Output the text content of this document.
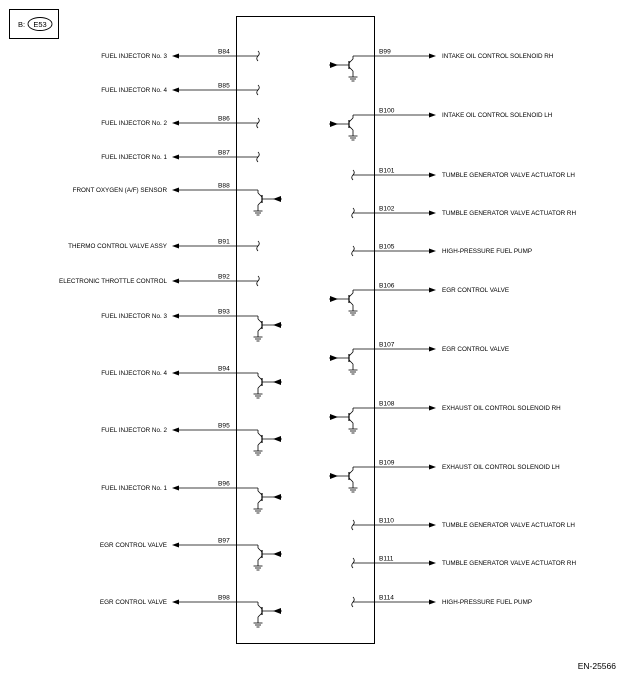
B: E53
FUEL INJECTOR No. 3
B84
FUEL INJECTOR No. 4
B85
FUEL INJECTOR No. 2
B86
FUEL INJECTOR No. 1
B87
FRONT OXYGEN (A/F) SENSOR
B88
THERMO CONTROL VALVE ASSY
B91
ELECTRONIC THROTTLE CONTROL
B92
FUEL INJECTOR No. 3
B93
FUEL INJECTOR No. 4
B94
FUEL INJECTOR No. 2
B95
FUEL INJECTOR No. 1
B96
EGR CONTROL VALVE
B97
EGR CONTROL VALVE
B98
INTAKE OIL CONTROL SOLENOID RH
B99
INTAKE OIL CONTROL SOLENOID LH
B100
TUMBLE GENERATOR VALVE ACTUATOR LH
B101
TUMBLE GENERATOR VALVE ACTUATOR RH
B102
HIGH-PRESSURE FUEL PUMP
B105
EGR CONTROL VALVE
B106
EGR CONTROL VALVE
B107
EXHAUST OIL CONTROL SOLENOID RH
B108
EXHAUST OIL CONTROL SOLENOID LH
B109
TUMBLE GENERATOR VALVE ACTUATOR LH
B110
TUMBLE GENERATOR VALVE ACTUATOR RH
B111
HIGH-PRESSURE FUEL PUMP
B114
EN-25566
